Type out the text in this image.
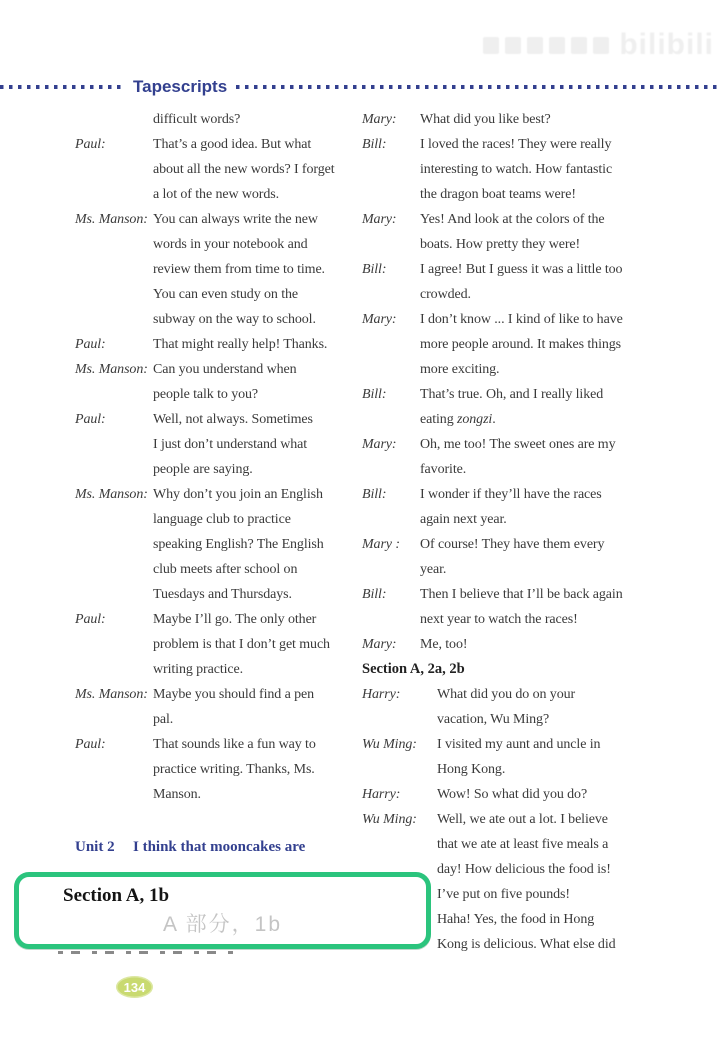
bilibili
Tapescripts
difficult words?
Paul:	That’s a good idea. But what
about all the new words? I forget
a lot of the new words.
Ms. Manson: You can always write the new
words in your notebook and
review them from time to time.
You can even study on the
subway on the way to school.
Paul:	That might really help! Thanks.
Ms. Manson: Can you understand when
people talk to you?
Paul:	Well, not always. Sometimes
I just don’t understand what
people are saying.
Ms. Manson: Why don’t you join an English
language club to practice
speaking English? The English
club meets after school on
Tuesdays and Thursdays.
Paul:	Maybe I’ll go. The only other
problem is that I don’t get much
writing practice.
Ms. Manson: Maybe you should find a pen
pal.
Paul:	That sounds like a fun way to
practice writing. Thanks, Ms.
Manson.
Unit 2	I think that mooncakes are
Mary:	What did you like best?
Bill:	I loved the races! They were really
interesting to watch. How fantastic
the dragon boat teams were!
Mary:	Yes! And look at the colors of the
boats. How pretty they were!
Bill:	I agree! But I guess it was a little too
crowded.
Mary:	I don’t know ... I kind of like to have
more people around. It makes things
more exciting.
Bill:	That’s true. Oh, and I really liked
eating zongzi.
Mary:	Oh, me too! The sweet ones are my
favorite.
Bill:	I wonder if they’ll have the races
again next year.
Mary :	Of course! They have them every
year.
Bill:	Then I believe that I’ll be back again
next year to watch the races!
Mary:	Me, too!
Section A, 2a, 2b
Harry:	What did you do on your
vacation, Wu Ming?
Wu Ming:	I visited my aunt and uncle in
Hong Kong.
Harry:	Wow! So what did you do?
Wu Ming:	Well, we ate out a lot. I believe
that we ate at least five meals a
day! How delicious the food is!
I’ve put on five pounds!
Haha! Yes, the food in Hong
Kong is delicious. What else did
Section A, 1b
A 部分，1b
134
